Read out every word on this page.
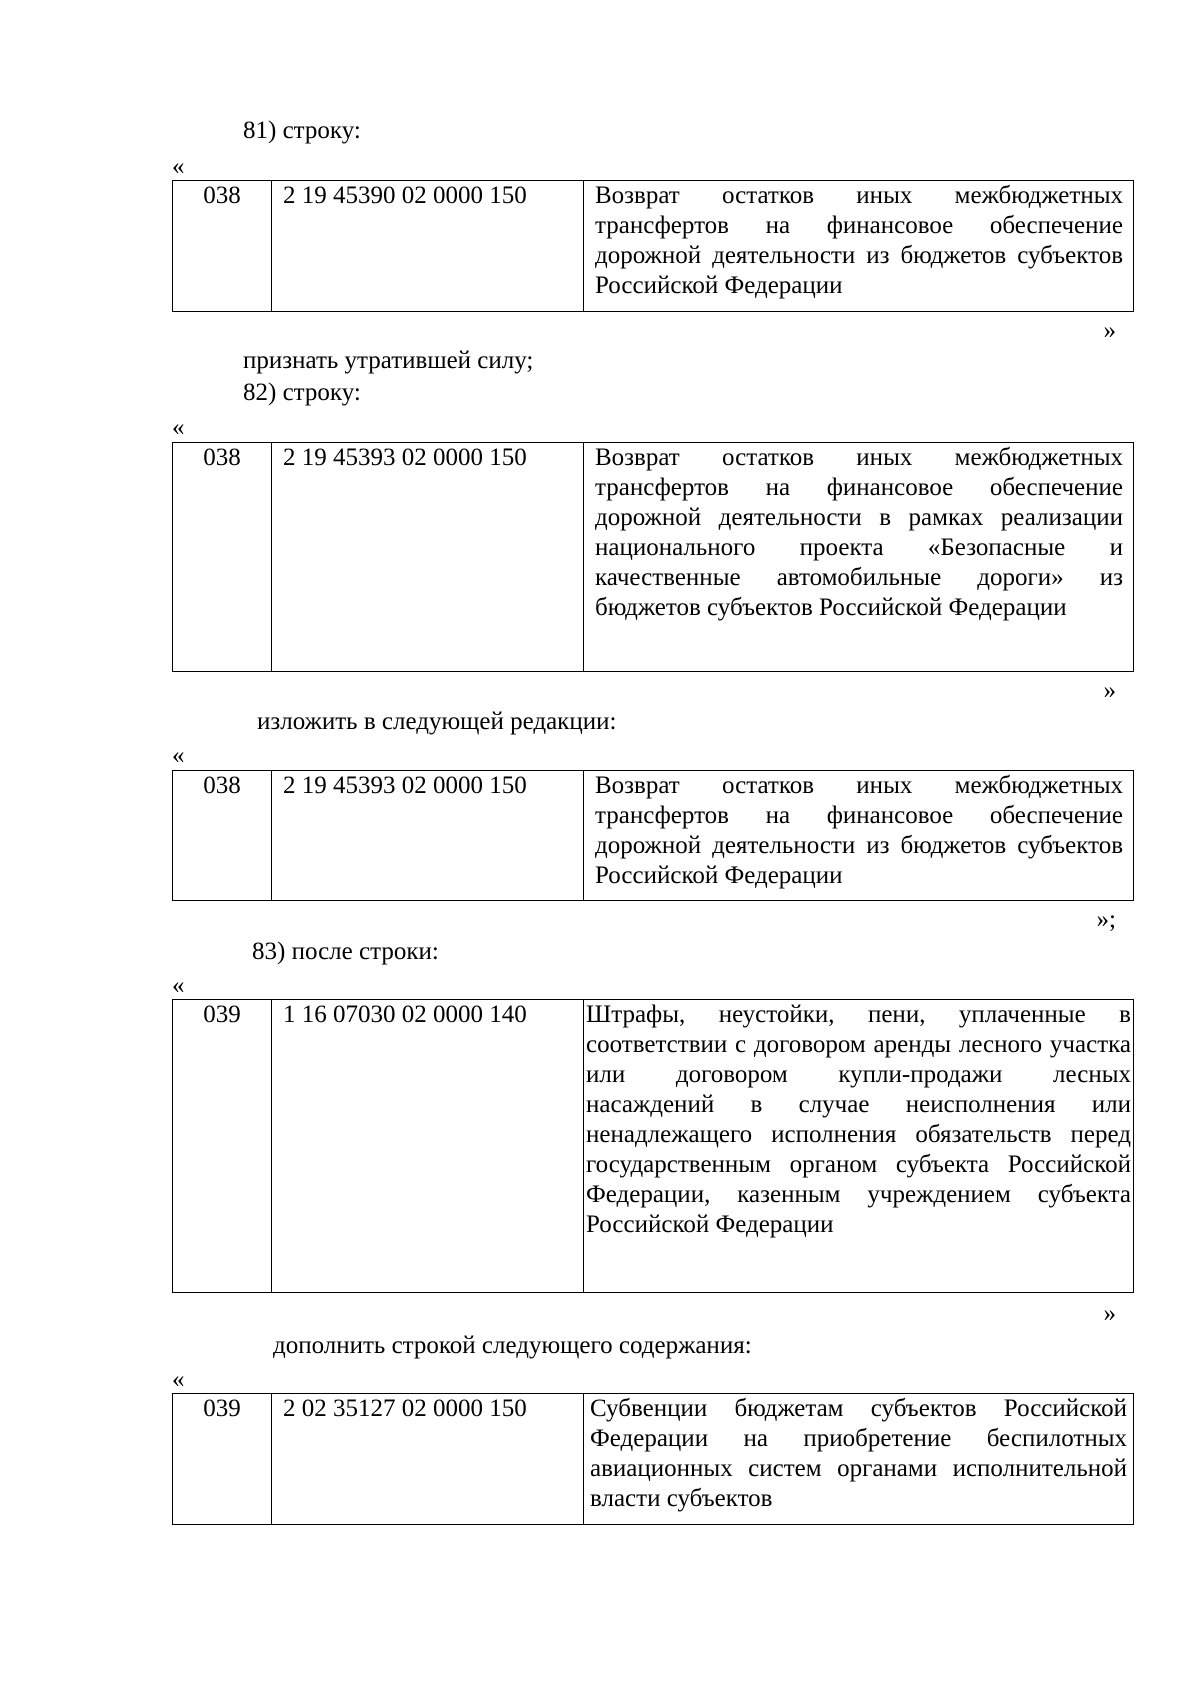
81) строку:
«
038	2 19 45390 02 0000 150	Возврат остатков иных межбюджетных трансфертов на финансовое обеспечение дорожной деятельности из бюджетов субъектов Российской Федерации
»
признать утратившей силу;
82) строку:
«
038	2 19 45393 02 0000 150	Возврат остатков иных межбюджетных трансфертов на финансовое обеспечение дорожной деятельности в рамках реализации национального проекта «Безопасные и качественные автомобильные дороги» из бюджетов субъектов Российской Федерации
»
изложить в следующей редакции:
«
038	2 19 45393 02 0000 150	Возврат остатков иных межбюджетных трансфертов на финансовое обеспечение дорожной деятельности из бюджетов субъектов Российской Федерации
»;
83) после строки:
«
039	1 16 07030 02 0000 140	Штрафы, неустойки, пени, уплаченные в соответствии с договором аренды лесного участка или договором купли-продажи лесных насаждений в случае неисполнения или ненадлежащего исполнения обязательств перед государственным органом субъекта Российской Федерации, казенным учреждением субъекта Российской Федерации
»
дополнить строкой следующего содержания:
«
039	2 02 35127 02 0000 150	Субвенции бюджетам субъектов Российской Федерации на приобретение беспилотных авиационных систем органами исполнительной власти субъектов
